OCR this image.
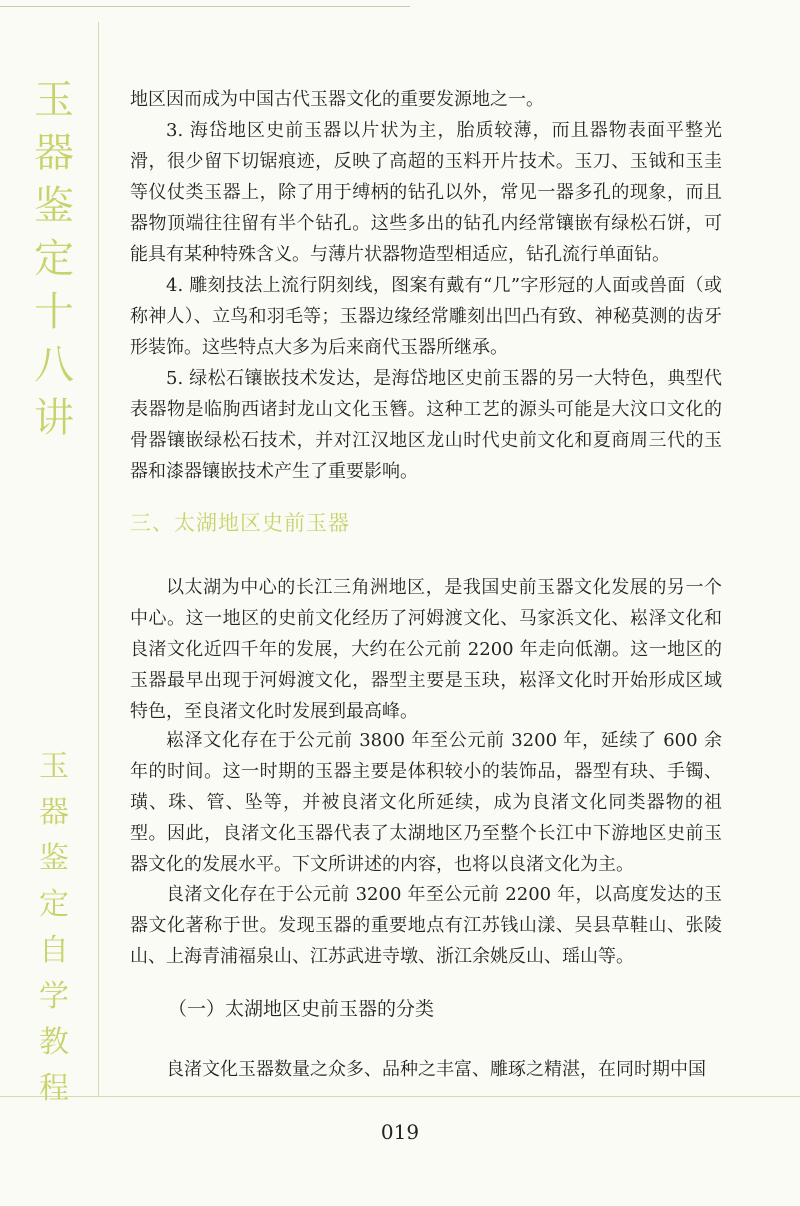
玉
器
鉴
定
十
八
讲
玉
器
鉴
定
自
学
教
程

地区因而成为中国古代玉器文化的重要发源地之一。

3. 海岱地区史前玉器以片状为主，胎质较薄，而且器物表面平整光滑，很少留下切锯痕迹，反映了高超的玉料开片技术。玉刀、玉钺和玉圭等仪仗类玉器上，除了用于缚柄的钻孔以外，常见一器多孔的现象，而且器物顶端往往留有半个钻孔。这些多出的钻孔内经常镶嵌有绿松石饼，可能具有某种特殊含义。与薄片状器物造型相适应，钻孔流行单面钻。

4. 雕刻技法上流行阴刻线，图案有戴有“几”字形冠的人面或兽面（或称神人）、立鸟和羽毛等；玉器边缘经常雕刻出凹凸有致、神秘莫测的齿牙形装饰。这些特点大多为后来商代玉器所继承。

5. 绿松石镶嵌技术发达，是海岱地区史前玉器的另一大特色，典型代表器物是临朐西诸封龙山文化玉簪。这种工艺的源头可能是大汶口文化的骨器镶嵌绿松石技术，并对江汉地区龙山时代史前文化和夏商周三代的玉器和漆器镶嵌技术产生了重要影响。

三、太湖地区史前玉器

以太湖为中心的长江三角洲地区，是我国史前玉器文化发展的另一个中心。这一地区的史前文化经历了河姆渡文化、马家浜文化、崧泽文化和良渚文化近四千年的发展，大约在公元前 2200 年走向低潮。这一地区的玉器最早出现于河姆渡文化，器型主要是玉玦，崧泽文化时开始形成区域特色，至良渚文化时发展到最高峰。

崧泽文化存在于公元前 3800 年至公元前 3200 年，延续了 600 余年的时间。这一时期的玉器主要是体积较小的装饰品，器型有玦、手镯、璜、珠、管、坠等，并被良渚文化所延续，成为良渚文化同类器物的祖型。因此，良渚文化玉器代表了太湖地区乃至整个长江中下游地区史前玉器文化的发展水平。下文所讲述的内容，也将以良渚文化为主。

良渚文化存在于公元前 3200 年至公元前 2200 年，以高度发达的玉器文化著称于世。发现玉器的重要地点有江苏钱山漾、吴县草鞋山、张陵山、上海青浦福泉山、江苏武进寺墩、浙江余姚反山、瑶山等。

（一）太湖地区史前玉器的分类

良渚文化玉器数量之众多、品种之丰富、雕琢之精湛，在同时期中国

019
